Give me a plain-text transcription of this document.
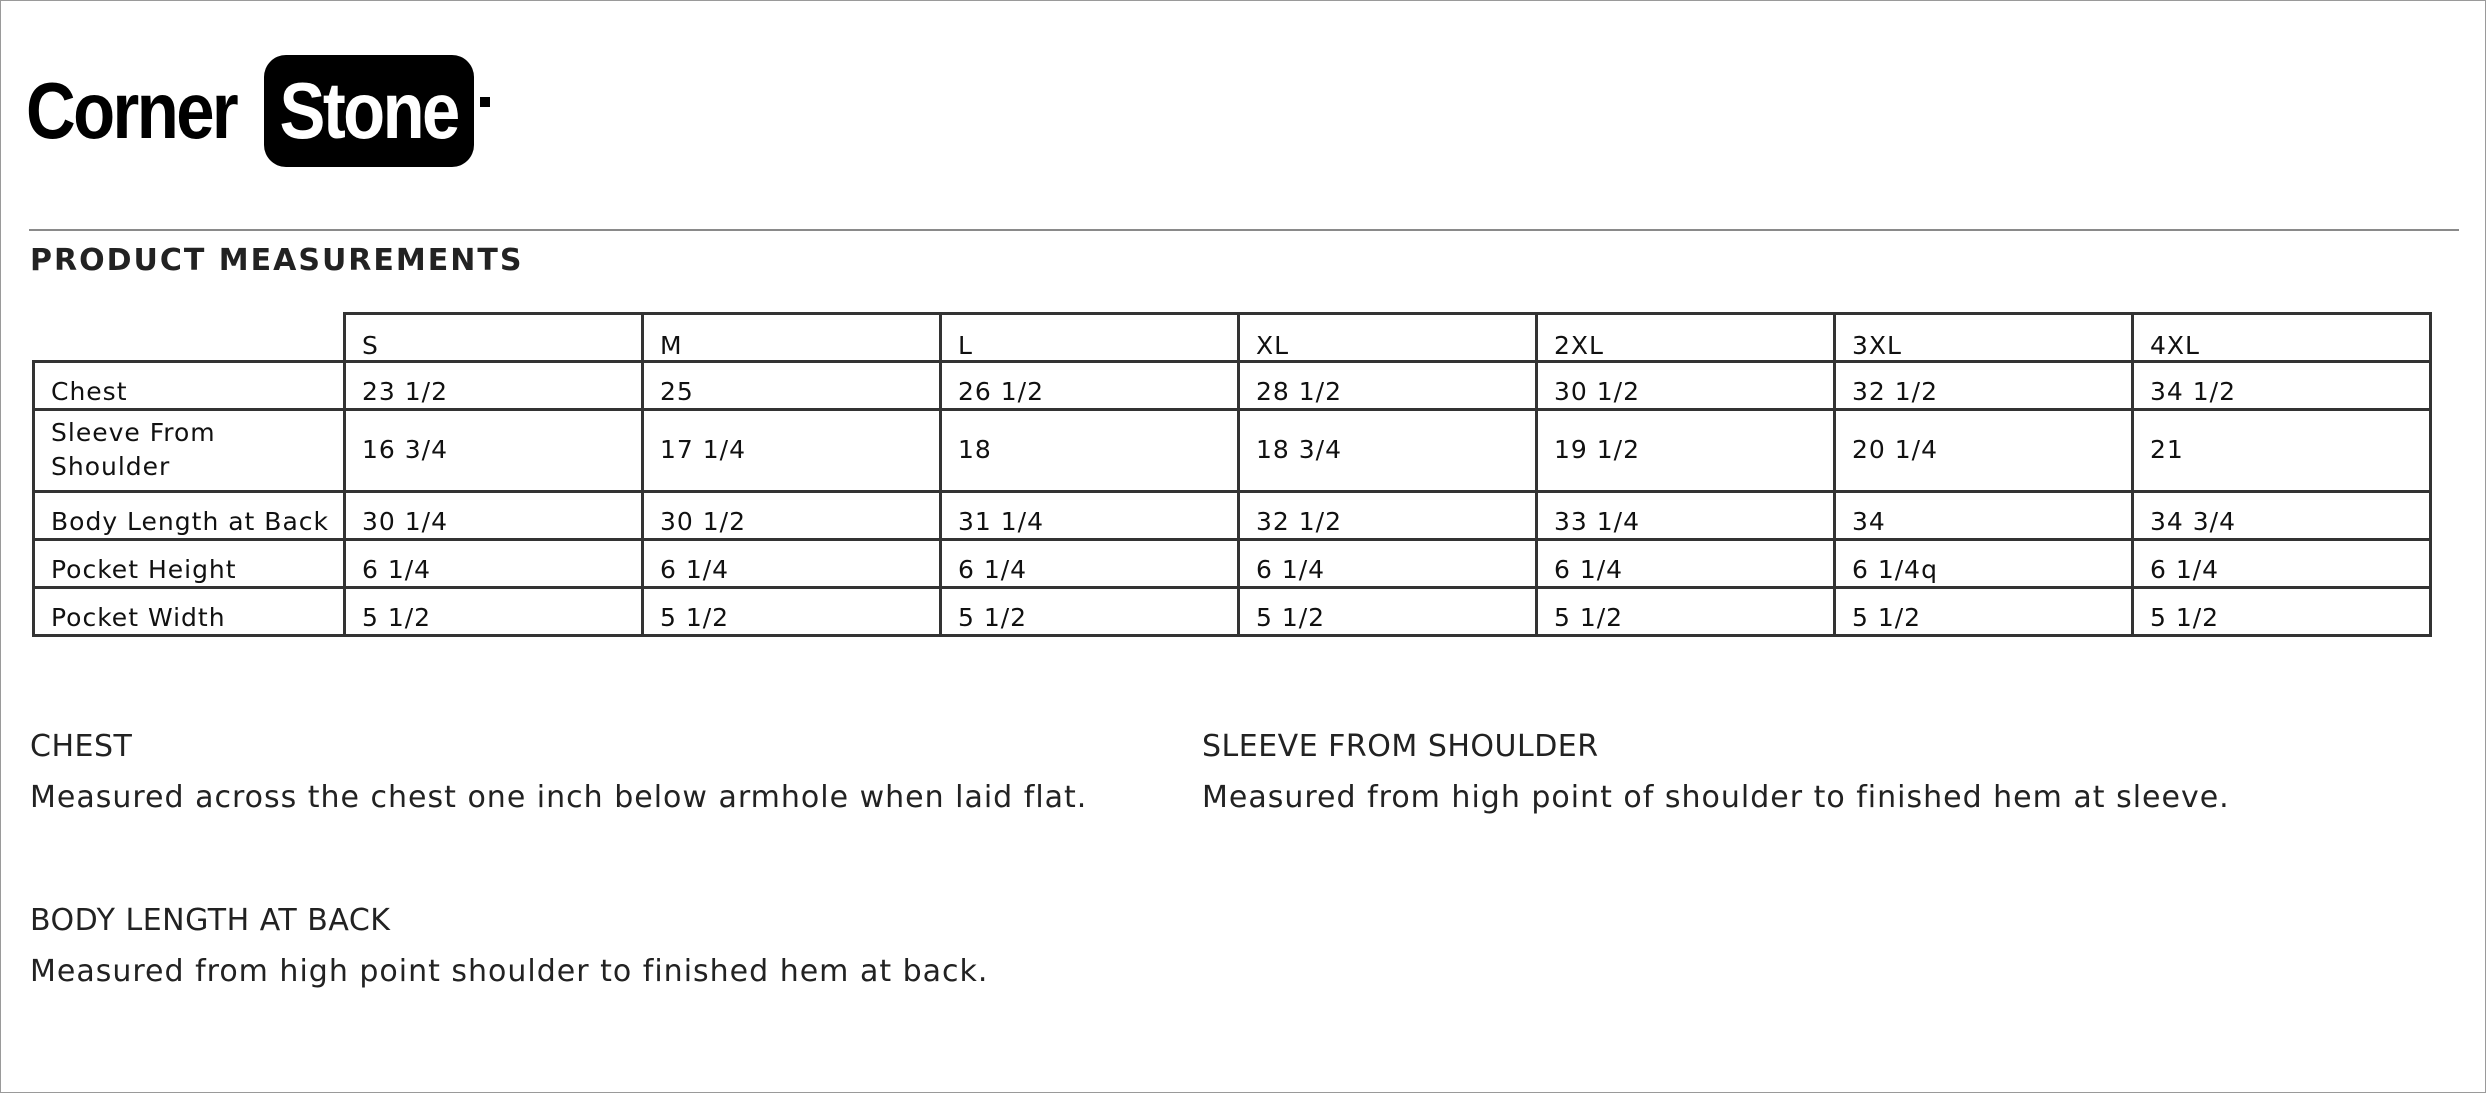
Corner Stone
PRODUCT MEASUREMENTS
	S	M	L	XL	2XL	3XL	4XL
Chest	23 1/2	25	26 1/2	28 1/2	30 1/2	32 1/2	34 1/2
Sleeve From Shoulder	16 3/4	17 1/4	18	18 3/4	19 1/2	20 1/4	21
Body Length at Back	30 1/4	30 1/2	31 1/4	32 1/2	33 1/4	34	34 3/4
Pocket Height	6 1/4	6 1/4	6 1/4	6 1/4	6 1/4	6 1/4q	6 1/4
Pocket Width	5 1/2	5 1/2	5 1/2	5 1/2	5 1/2	5 1/2	5 1/2

CHEST

Measured across the chest one inch below armhole when laid flat.

SLEEVE FROM SHOULDER

Measured from high point of shoulder to finished hem at sleeve.

BODY LENGTH AT BACK

Measured from high point shoulder to finished hem at back.
